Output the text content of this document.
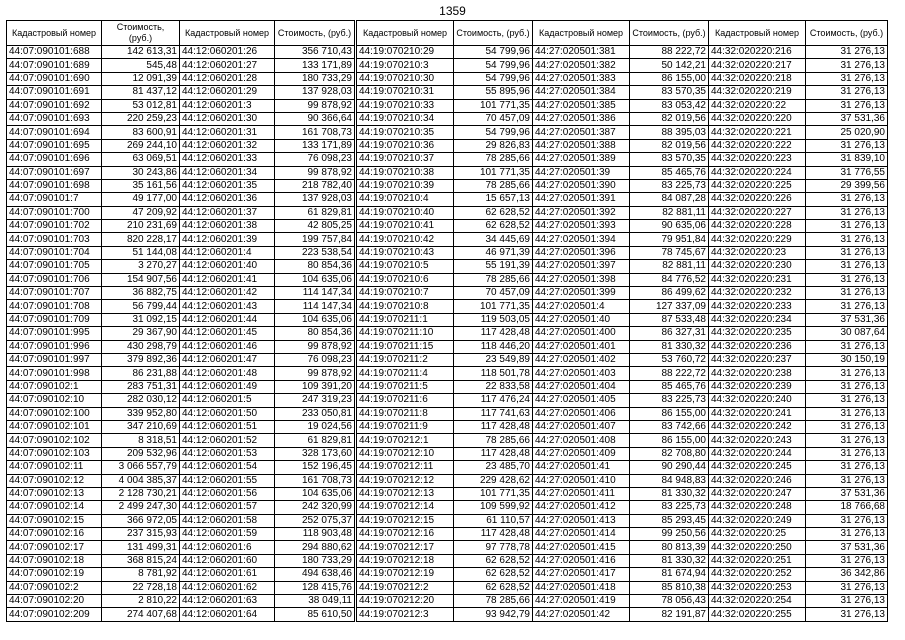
1359
Кадастровый номер	Стоимость, (руб.)
44:07:090101:688	142 613,31
44:07:090101:689	545,48
44:07:090101:690	12 091,39
44:07:090101:691	81 437,12
44:07:090101:692	53 012,81
44:07:090101:693	220 259,23
44:07:090101:694	83 600,91
44:07:090101:695	269 244,10
44:07:090101:696	63 069,51
44:07:090101:697	30 243,86
44:07:090101:698	35 161,56
44:07:090101:7	49 177,00
44:07:090101:700	47 209,92
44:07:090101:702	210 231,69
44:07:090101:703	820 228,17
44:07:090101:704	51 144,08
44:07:090101:705	3 270,27
44:07:090101:706	154 907,56
44:07:090101:707	36 882,75
44:07:090101:708	56 799,44
44:07:090101:709	31 092,15
44:07:090101:995	29 367,90
44:07:090101:996	430 298,79
44:07:090101:997	379 892,36
44:07:090101:998	86 231,88
44:07:090102:1	283 751,31
44:07:090102:10	282 030,12
44:07:090102:100	339 952,80
44:07:090102:101	347 210,69
44:07:090102:102	8 318,51
44:07:090102:103	209 532,96
44:07:090102:11	3 066 557,79
44:07:090102:12	4 004 385,37
44:07:090102:13	2 128 730,21
44:07:090102:14	2 499 247,30
44:07:090102:15	366 972,05
44:07:090102:16	237 315,93
44:07:090102:17	131 499,31
44:07:090102:18	368 815,24
44:07:090102:19	8 781,92
44:07:090102:2	22 728,18
44:07:090102:20	2 810,22
44:07:090102:209	274 407,68
Кадастровый номер	Стоимость, (руб.)
44:12:060201:26	356 710,43
44:12:060201:27	133 171,89
44:12:060201:28	180 733,29
44:12:060201:29	137 928,03
44:12:060201:3	99 878,92
44:12:060201:30	90 366,64
44:12:060201:31	161 708,73
44:12:060201:32	133 171,89
44:12:060201:33	76 098,23
44:12:060201:34	99 878,92
44:12:060201:35	218 782,40
44:12:060201:36	137 928,03
44:12:060201:37	61 829,81
44:12:060201:38	42 805,25
44:12:060201:39	199 757,84
44:12:060201:4	223 538,54
44:12:060201:40	80 854,36
44:12:060201:41	104 635,06
44:12:060201:42	114 147,34
44:12:060201:43	114 147,34
44:12:060201:44	104 635,06
44:12:060201:45	80 854,36
44:12:060201:46	99 878,92
44:12:060201:47	76 098,23
44:12:060201:48	99 878,92
44:12:060201:49	109 391,20
44:12:060201:5	247 319,23
44:12:060201:50	233 050,81
44:12:060201:51	19 024,56
44:12:060201:52	61 829,81
44:12:060201:53	328 173,60
44:12:060201:54	152 196,45
44:12:060201:55	161 708,73
44:12:060201:56	104 635,06
44:12:060201:57	242 320,99
44:12:060201:58	252 075,37
44:12:060201:59	118 903,48
44:12:060201:6	294 880,62
44:12:060201:60	180 733,29
44:12:060201:61	494 638,46
44:12:060201:62	128 415,76
44:12:060201:63	38 049,11
44:12:060201:64	85 610,50
Кадастровый номер	Стоимость, (руб.)
44:19:070210:29	54 799,96
44:19:070210:3	54 799,96
44:19:070210:30	54 799,96
44:19:070210:31	55 895,96
44:19:070210:33	101 771,35
44:19:070210:34	70 457,09
44:19:070210:35	54 799,96
44:19:070210:36	29 826,83
44:19:070210:37	78 285,66
44:19:070210:38	101 771,35
44:19:070210:39	78 285,66
44:19:070210:4	15 657,13
44:19:070210:40	62 628,52
44:19:070210:41	62 628,52
44:19:070210:42	34 445,69
44:19:070210:43	46 971,39
44:19:070210:5	55 191,39
44:19:070210:6	78 285,66
44:19:070210:7	70 457,09
44:19:070210:8	101 771,35
44:19:070211:1	119 503,05
44:19:070211:10	117 428,48
44:19:070211:15	118 446,20
44:19:070211:2	23 549,89
44:19:070211:4	118 501,78
44:19:070211:5	22 833,58
44:19:070211:6	117 476,24
44:19:070211:8	117 741,63
44:19:070211:9	117 428,48
44:19:070212:1	78 285,66
44:19:070212:10	117 428,48
44:19:070212:11	23 485,70
44:19:070212:12	229 428,62
44:19:070212:13	101 771,35
44:19:070212:14	109 599,92
44:19:070212:15	61 110,57
44:19:070212:16	117 428,48
44:19:070212:17	97 778,78
44:19:070212:18	62 628,52
44:19:070212:19	62 628,52
44:19:070212:2	62 628,52
44:19:070212:20	78 285,66
44:19:070212:3	93 942,79
Кадастровый номер	Стоимость, (руб.)
44:27:020501:381	88 222,72
44:27:020501:382	50 142,21
44:27:020501:383	86 155,00
44:27:020501:384	83 570,35
44:27:020501:385	83 053,42
44:27:020501:386	82 019,56
44:27:020501:387	88 395,03
44:27:020501:388	82 019,56
44:27:020501:389	83 570,35
44:27:020501:39	85 465,76
44:27:020501:390	83 225,73
44:27:020501:391	84 087,28
44:27:020501:392	82 881,11
44:27:020501:393	90 635,06
44:27:020501:394	79 951,84
44:27:020501:396	78 745,67
44:27:020501:397	82 881,11
44:27:020501:398	84 776,52
44:27:020501:399	86 499,62
44:27:020501:4	127 337,09
44:27:020501:40	87 533,48
44:27:020501:400	86 327,31
44:27:020501:401	81 330,32
44:27:020501:402	53 760,72
44:27:020501:403	88 222,72
44:27:020501:404	85 465,76
44:27:020501:405	83 225,73
44:27:020501:406	86 155,00
44:27:020501:407	83 742,66
44:27:020501:408	86 155,00
44:27:020501:409	82 708,80
44:27:020501:41	90 290,44
44:27:020501:410	84 948,83
44:27:020501:411	81 330,32
44:27:020501:412	83 225,73
44:27:020501:413	85 293,45
44:27:020501:414	99 250,56
44:27:020501:415	80 813,39
44:27:020501:416	81 330,32
44:27:020501:417	81 674,94
44:27:020501:418	85 810,38
44:27:020501:419	78 056,43
44:27:020501:42	82 191,87
Кадастровый номер	Стоимость, (руб.)
44:32:020220:216	31 276,13
44:32:020220:217	31 276,13
44:32:020220:218	31 276,13
44:32:020220:219	31 276,13
44:32:020220:22	31 276,13
44:32:020220:220	37 531,36
44:32:020220:221	25 020,90
44:32:020220:222	31 276,13
44:32:020220:223	31 839,10
44:32:020220:224	31 776,55
44:32:020220:225	29 399,56
44:32:020220:226	31 276,13
44:32:020220:227	31 276,13
44:32:020220:228	31 276,13
44:32:020220:229	31 276,13
44:32:020220:23	31 276,13
44:32:020220:230	31 276,13
44:32:020220:231	31 276,13
44:32:020220:232	31 276,13
44:32:020220:233	31 276,13
44:32:020220:234	37 531,36
44:32:020220:235	30 087,64
44:32:020220:236	31 276,13
44:32:020220:237	30 150,19
44:32:020220:238	31 276,13
44:32:020220:239	31 276,13
44:32:020220:240	31 276,13
44:32:020220:241	31 276,13
44:32:020220:242	31 276,13
44:32:020220:243	31 276,13
44:32:020220:244	31 276,13
44:32:020220:245	31 276,13
44:32:020220:246	31 276,13
44:32:020220:247	37 531,36
44:32:020220:248	18 766,68
44:32:020220:249	31 276,13
44:32:020220:25	31 276,13
44:32:020220:250	37 531,36
44:32:020220:251	31 276,13
44:32:020220:252	36 342,86
44:32:020220:253	31 276,13
44:32:020220:254	31 276,13
44:32:020220:255	31 276,13
